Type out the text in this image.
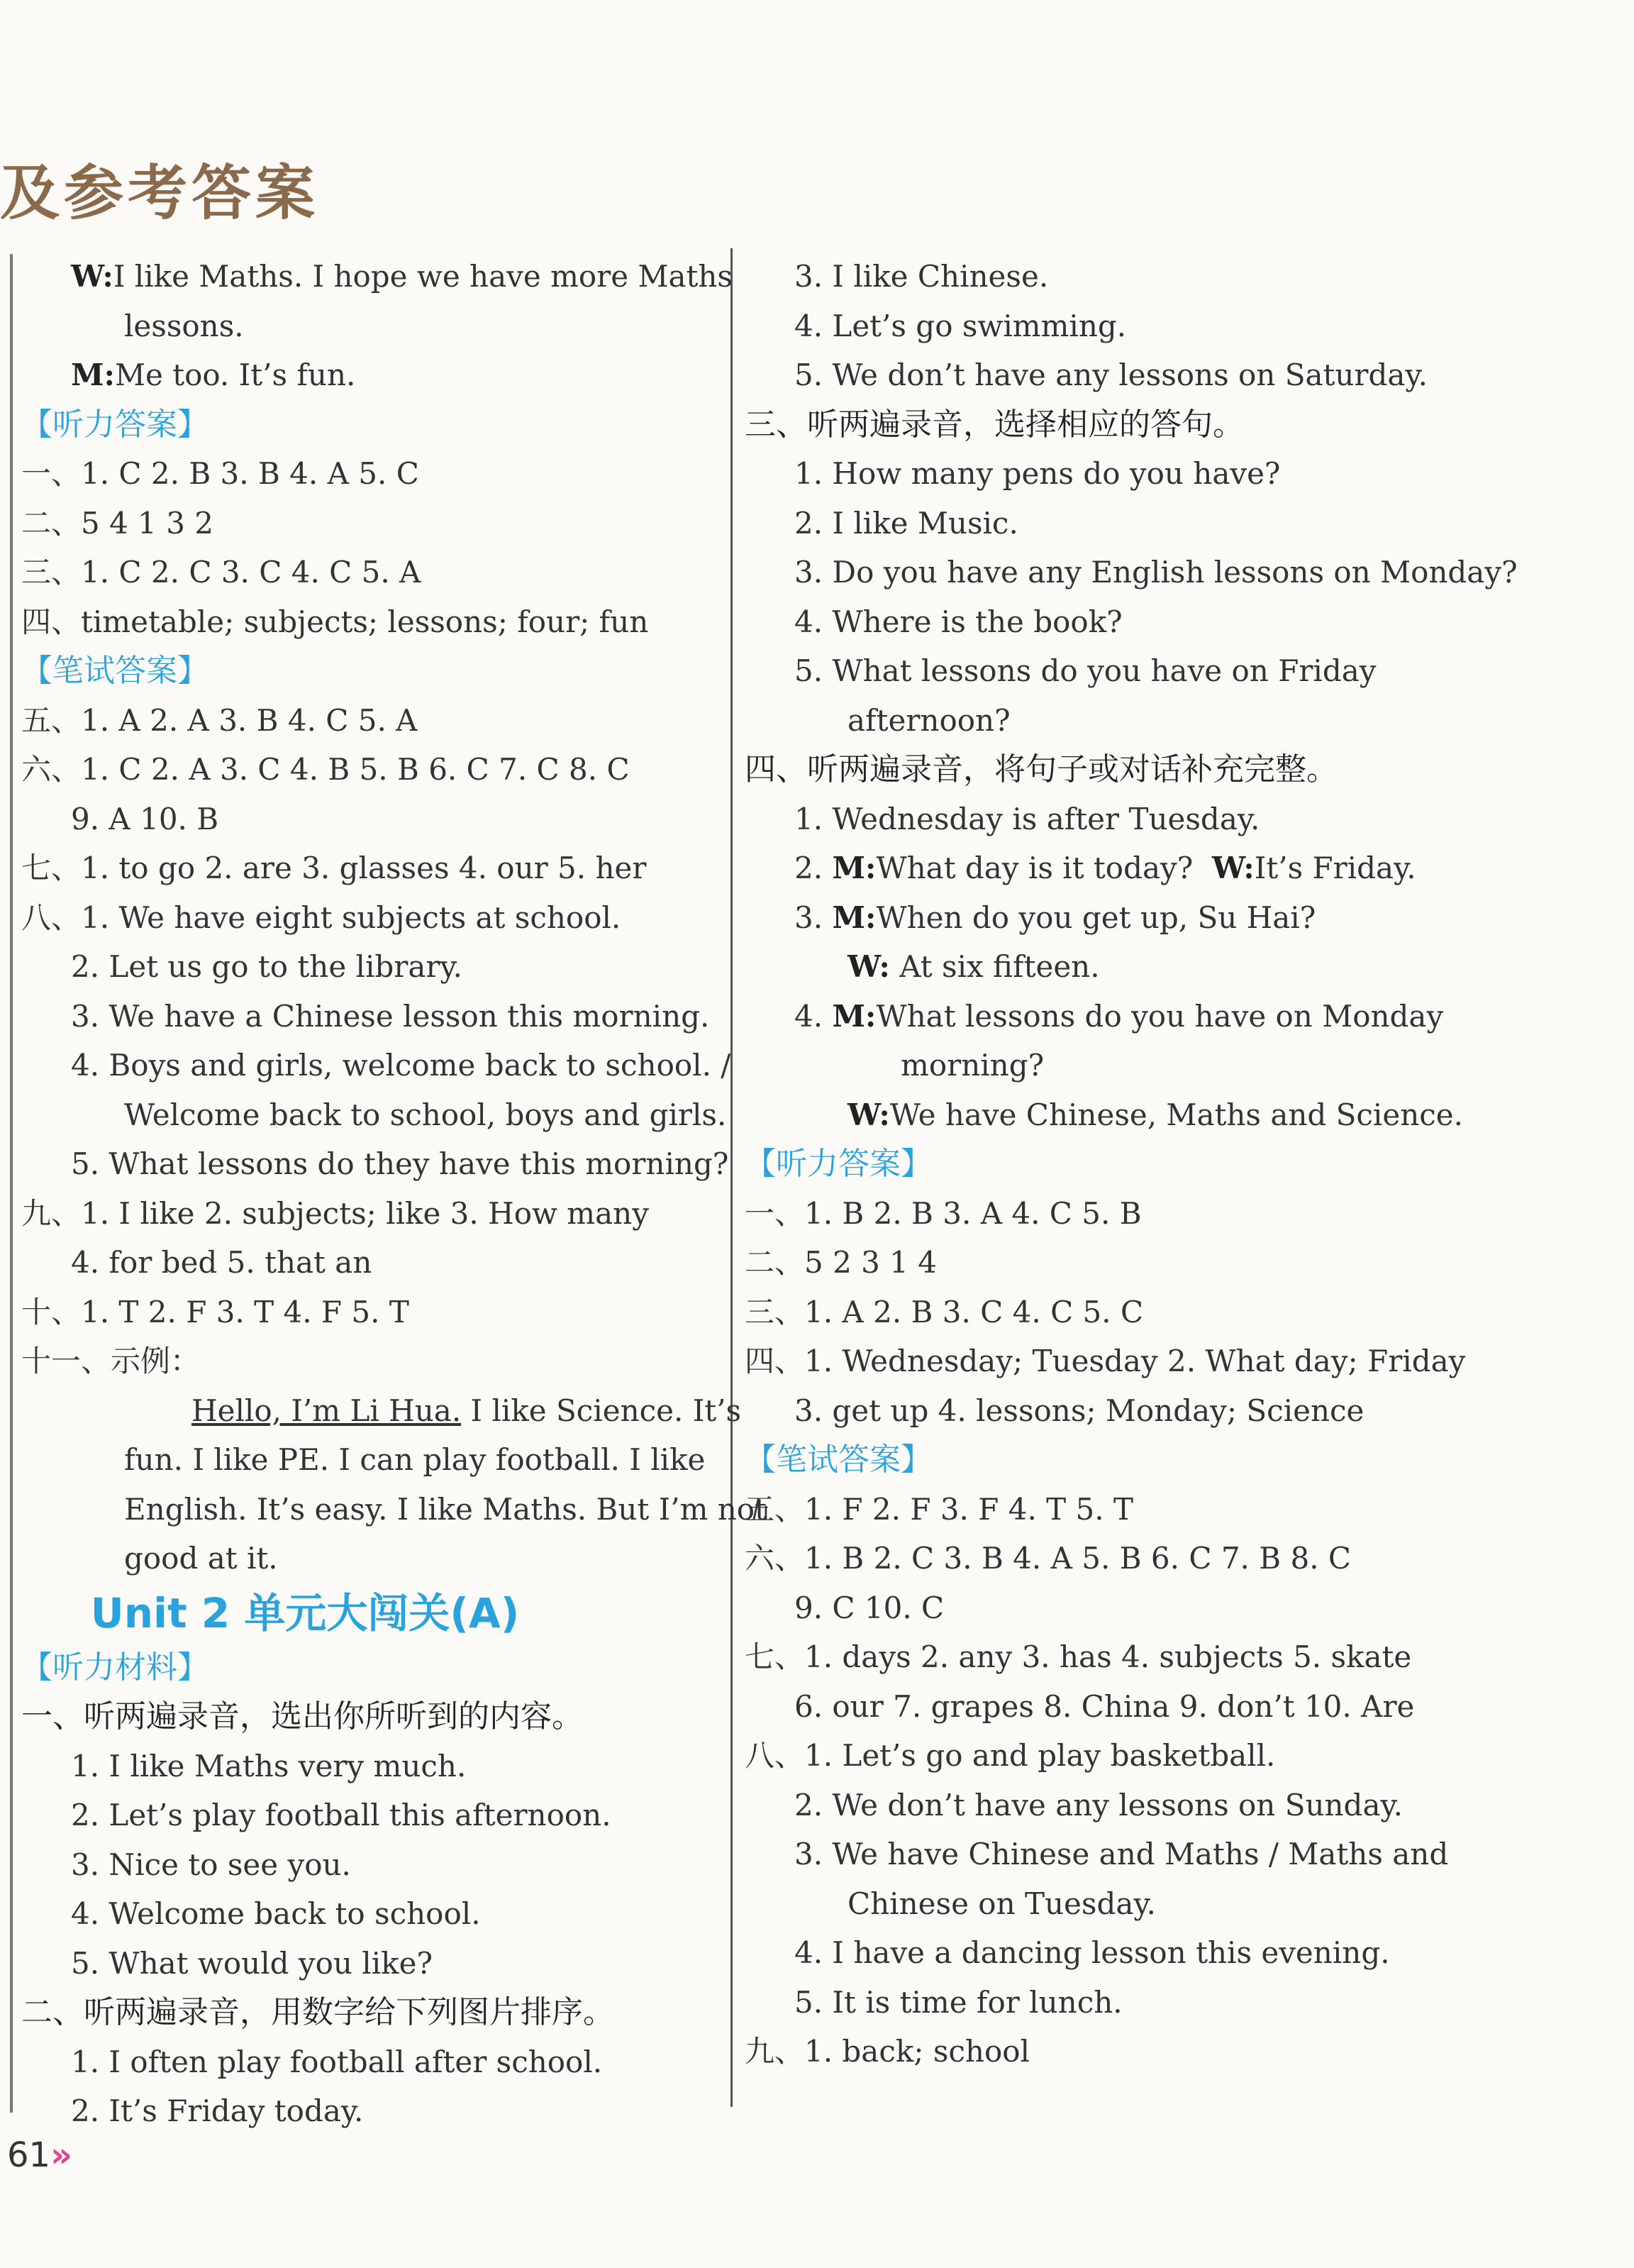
及参考答案
W:I like Maths. I hope we have more Maths
lessons.
M:Me too. It’s fun.
【听力答案】
一、1. C 2. B 3. B 4. A 5. C
二、5 4 1 3 2
三、1. C 2. C 3. C 4. C 5. A
四、timetable; subjects; lessons; four; fun
【笔试答案】
五、1. A 2. A 3. B 4. C 5. A
六、1. C 2. A 3. C 4. B 5. B 6. C 7. C 8. C
9. A 10. B
七、1. to go 2. are 3. glasses 4. our 5. her
八、1. We have eight subjects at school.
2. Let us go to the library.
3. We have a Chinese lesson this morning.
4. Boys and girls, welcome back to school. /
Welcome back to school, boys and girls.
5. What lessons do they have this morning?
九、1. I like 2. subjects; like 3. How many
4. for bed 5. that an
十、1. T 2. F 3. T 4. F 5. T
十一、示例：
Hello, I’m Li Hua. I like Science. It’s
fun. I like PE. I can play football. I like
English. It’s easy. I like Maths. But I’m not
good at it.
Unit 2 单元大闯关(A)
【听力材料】
一、听两遍录音，选出你所听到的内容。
1. I like Maths very much.
2. Let’s play football this afternoon.
3. Nice to see you.
4. Welcome back to school.
5. What would you like?
二、听两遍录音，用数字给下列图片排序。
1. I often play football after school.
2. It’s Friday today.
3. I like Chinese.
4. Let’s go swimming.
5. We don’t have any lessons on Saturday.
三、听两遍录音，选择相应的答句。
1. How many pens do you have?
2. I like Music.
3. Do you have any English lessons on Monday?
4. Where is the book?
5. What lessons do you have on Friday
afternoon?
四、听两遍录音，将句子或对话补充完整。
1. Wednesday is after Tuesday.
2. M:What day is it today? W:It’s Friday.
3. M:When do you get up, Su Hai?
W: At six fifteen.
4. M:What lessons do you have on Monday
morning?
W:We have Chinese, Maths and Science.
【听力答案】
一、1. B 2. B 3. A 4. C 5. B
二、5 2 3 1 4
三、1. A 2. B 3. C 4. C 5. C
四、1. Wednesday; Tuesday 2. What day; Friday
3. get up 4. lessons; Monday; Science
【笔试答案】
五、1. F 2. F 3. F 4. T 5. T
六、1. B 2. C 3. B 4. A 5. B 6. C 7. B 8. C
9. C 10. C
七、1. days 2. any 3. has 4. subjects 5. skate
6. our 7. grapes 8. China 9. don’t 10. Are
八、1. Let’s go and play basketball.
2. We don’t have any lessons on Sunday.
3. We have Chinese and Maths / Maths and
Chinese on Tuesday.
4. I have a dancing lesson this evening.
5. It is time for lunch.
九、1. back; school
61»
